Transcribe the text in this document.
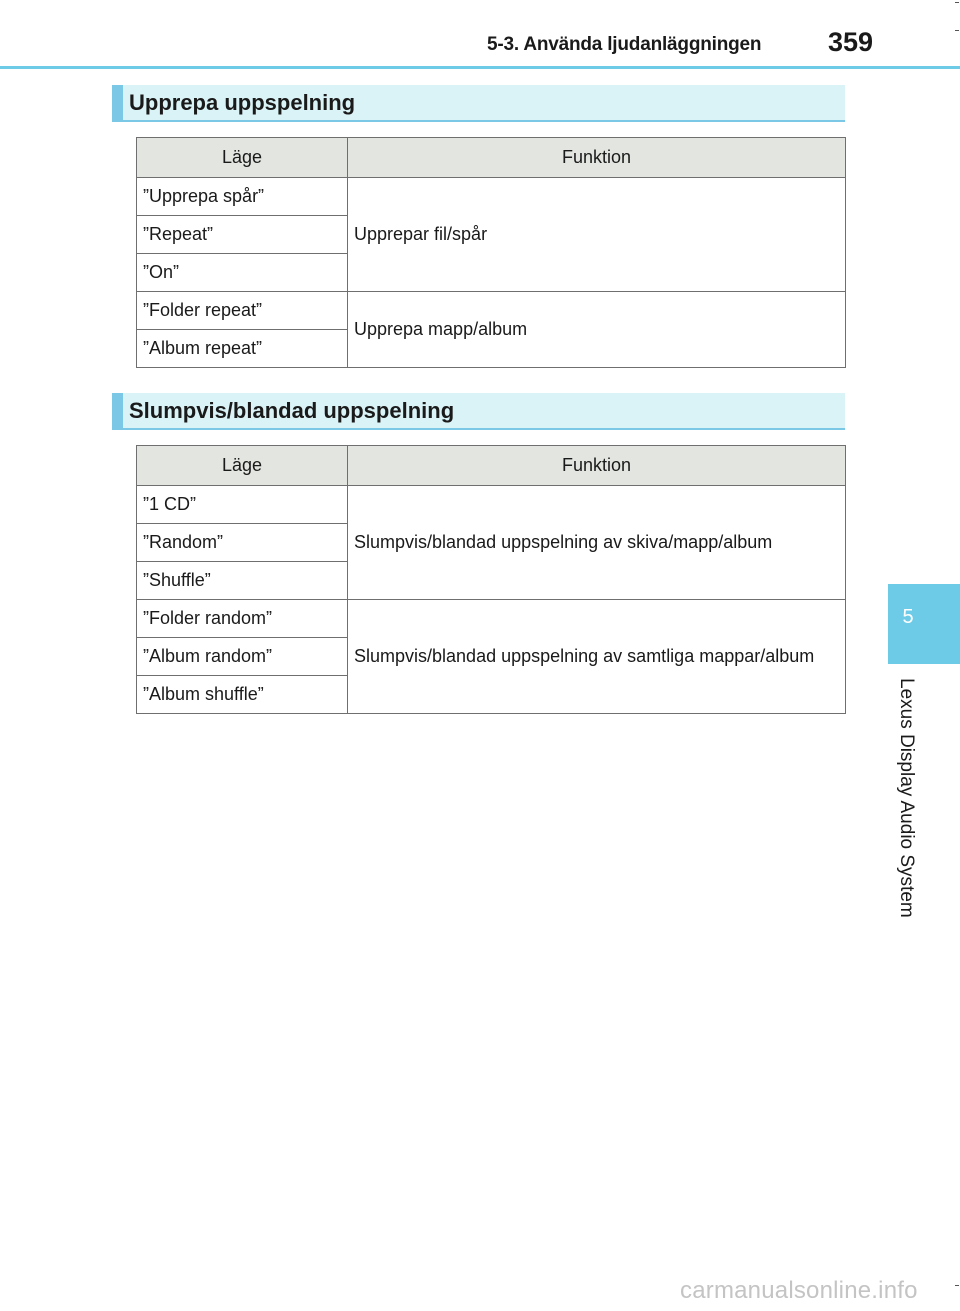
5-3. Använda ljudanläggningen 359
Upprepa uppspelning
Läge	Funktion
”Upprepa spår”	Upprepar fil/spår
”Repeat”	
”On”	
”Folder repeat”	Upprepa mapp/album
”Album repeat”	
Slumpvis/blandad uppspelning
Läge	Funktion
”1 CD”	Slumpvis/blandad uppspelning av skiva/mapp/album
”Random”	
”Shuffle”	
”Folder random”	Slumpvis/blandad uppspelning av samtliga mappar/album
”Album random”	
”Album shuffle”	
5
Lexus Display Audio System
carmanualsonline.info
